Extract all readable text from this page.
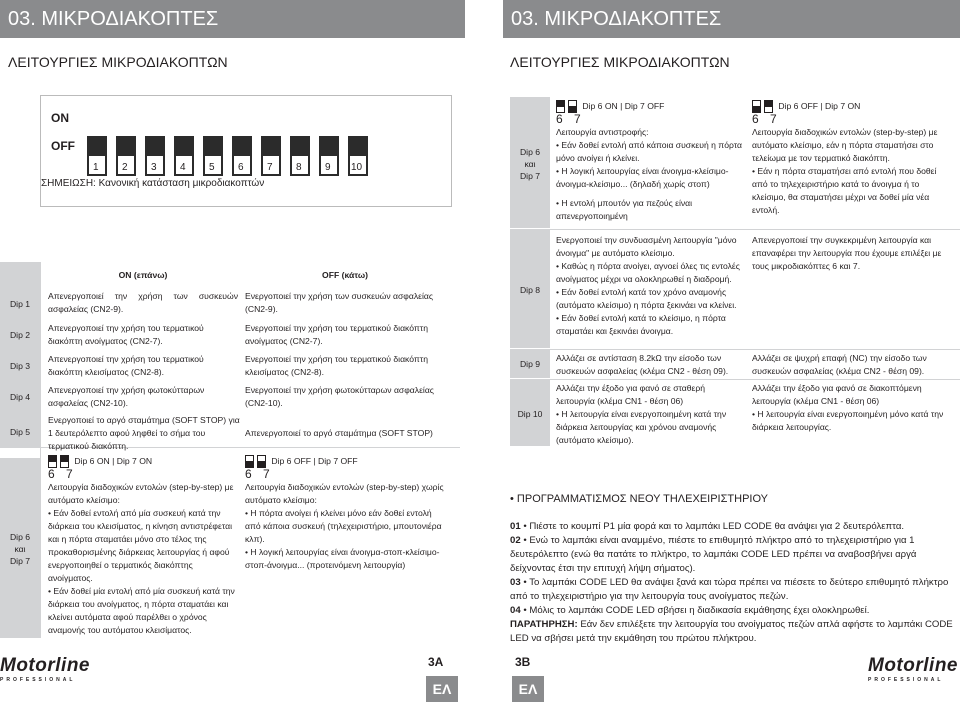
03. ΜΙΚΡΟΔΙΑΚΟΠΤΕΣ
ΛΕΙΤΟΥΡΓΙΕΣ ΜΙΚΡΟΔΙΑΚΟΠΤΩΝ
ON
OFF
1 2 3 4 5 6 7 8 9 10
ΣΗΜΕΙΩΣΗ: Κανονική κατάσταση μικροδιακοπτών
ON (επάνω)	OFF (κάτω)
Dip 1
Απενεργοποιεί την χρήση των συσκευών ασφαλείας (CN2-9).
Ενεργοποιεί την χρήση των συσκευών ασφαλείας (CN2-9).
Dip 2
Απενεργοποιεί την χρήση του τερματικού διακόπτη ανοίγματος (CN2-7).
Ενεργοποιεί την χρήση του τερματικού διακόπτη ανοίγματος (CN2-7).
Dip 3
Απενεργοποιεί την χρήση του τερματικού διακόπτη κλεισίματος (CN2-8).
Ενεργοποιεί την χρήση του τερματικού διακόπτη κλεισίματος (CN2-8).
Dip 4
Απενεργοποιεί την χρήση φωτοκύτταρων ασφαλείας (CN2-10).
Ενεργοποιεί την χρήση φωτοκύτταρων ασφαλείας (CN2-10).
Dip 5
Ενεργοποιεί το αργό σταμάτημα (SOFT STOP) για 1 δευτερόλεπτο αφού ληφθεί το σήμα του τερματικού διακόπτη.
Απενεργοποιεί το αργό σταμάτημα (SOFT STOP)
Dip 6
και
Dip 7
Dip 6 ON | Dip 7 ON
6 7
Λειτουργία διαδοχικών εντολών (step-by-step) με αυτόματο κλείσιμο:
• Εάν δοθεί εντολή από μία συσκευή κατά την διάρκεια του κλεισίματος, η κίνηση αντιστρέφεται και η πόρτα σταματάει μόνο στο τέλος της προκαθορισμένης διάρκειας λειτουργίας ή αφού ενεργοποιηθεί ο τερματικός διακόπτης ανοίγματος.
• Εάν δοθεί μία εντολή από μία συσκευή κατά την διάρκεια του ανοίγματος, η πόρτα σταματάει και κλείνει αυτόματα αφού παρέλθει ο χρόνος αναμονής του αυτόματου κλεισίματος.
Dip 6 OFF | Dip 7 OFF
6 7
Λειτουργία διαδοχικών εντολών (step-by-step) χωρίς αυτόματο κλείσιμο:
• Η πόρτα ανοίγει ή κλείνει μόνο εάν δοθεί εντολή από κάποια συσκευή (τηλεχειριστήριο, μπουτονιέρα κλπ).
• Η λογική λειτουργίας είναι άνοιγμα-στοπ-κλείσιμο-στοπ-άνοιγμα... (προτεινόμενη λειτουργία)
Motorline
PROFESSIONAL
3A
ΕΛ
03. ΜΙΚΡΟΔΙΑΚΟΠΤΕΣ
ΛΕΙΤΟΥΡΓΙΕΣ ΜΙΚΡΟΔΙΑΚΟΠΤΩΝ
Dip 6
και
Dip 7
Dip 6 ON | Dip 7 OFF
6 7
Λειτουργία αντιστροφής:
• Εάν δοθεί εντολή από κάποια συσκευή η πόρτα μόνο ανοίγει ή κλείνει.
• Η λογική λειτουργίας είναι άνοιγμα-κλείσιμο-άνοιγμα-κλείσιμο... (δηλαδή χωρίς στοπ)
• Η εντολή μπουτόν για πεζούς είναι απενεργοποιημένη
Dip 6 OFF | Dip 7 ON
6 7
Λειτουργία διαδοχικών εντολών (step-by-step) με αυτόματο κλείσιμο, εάν η πόρτα σταματήσει στο τελείωμα με τον τερματικό διακόπτη.
• Εάν η πόρτα σταματήσει από εντολή που δοθεί από το τηλεχειριστήριο κατά το άνοιγμα ή το κλείσιμο, θα σταματήσει μέχρι να δοθεί μία νέα εντολή.
Dip 8
Ενεργοποιεί την συνδυασμένη λειτουργία "μόνο άνοιγμα" με αυτόματο κλείσιμο.
• Καθώς η πόρτα ανοίγει, αγνοεί όλες τις εντολές ανοίγματος μέχρι να ολοκληρωθεί η διαδρομή.
• Εάν δοθεί εντολή κατά τον χρόνο αναμονής (αυτόματο κλείσιμο) η πόρτα ξεκινάει να κλείνει.
• Εάν δοθεί εντολή κατά το κλείσιμο, η πόρτα σταματάει και ξεκινάει άνοιγμα.
Απενεργοποιεί την συγκεκριμένη λειτουργία και επαναφέρει την λειτουργία που έχουμε επιλέξει με τους μικροδιακόπτες 6 και 7.
Dip 9
Αλλάζει σε αντίσταση 8.2kΩ την είσοδο των συσκευών ασφαλείας (κλέμα CN2 - θέση 09).
Αλλάζει σε ψυχρή επαφή (NC) την είσοδο των συσκευών ασφαλείας (κλέμα CN2 - θέση 09).
Dip 10
Αλλάζει την έξοδο για φανό σε σταθερή λειτουργία (κλέμα CN1 - θέση 06)
• Η λειτουργία είναι ενεργοποιημένη κατά την διάρκεια λειτουργίας και χρόνου αναμονής (αυτόματο κλείσιμο).
Αλλάζει την έξοδο για φανό σε διακοπτόμενη λειτουργία (κλέμα CN1 - θέση 06)
• Η λειτουργία είναι ενεργοποιημένη μόνο κατά την διάρκεια λειτουργίας.
• ΠΡΟΓΡΑΜΜΑΤΙΣΜΟΣ ΝΕΟΥ ΤΗΛΕΧΕΙΡΙΣΤΗΡΙΟΥ
01 • Πιέστε το κουμπί P1 μία φορά και το λαμπάκι LED CODE θα ανάψει για 2 δευτερόλεπτα.
02 • Ενώ το λαμπάκι είναι αναμμένο, πιέστε το επιθυμητό πλήκτρο από το τηλεχειριστήριο για 1 δευτερόλεπτο (ενώ θα πατάτε το πλήκτρο, το λαμπάκι CODE LED πρέπει να αναβοσβήνει αργά δείχνοντας έτσι την επιτυχή λήψη σήματος).
03 • Το λαμπάκι CODE LED θα ανάψει ξανά και τώρα πρέπει να πιέσετε το δεύτερο επιθυμητό πλήκτρο από το τηλεχειριστήριο για την λειτουργία τους ανοίγματος πεζών.
04 • Μόλις το λαμπάκι CODE LED σβήσει η διαδικασία εκμάθησης έχει ολοκληρωθεί.
ΠΑΡΑΤΗΡΗΣΗ: Εάν δεν επιλέξετε την λειτουργία του ανοίγματος πεζών απλά αφήστε το λαμπάκι CODE LED να σβήσει μετά την εκμάθηση του πρώτου πλήκτρου.
3B
ΕΛ
Motorline
PROFESSIONAL
